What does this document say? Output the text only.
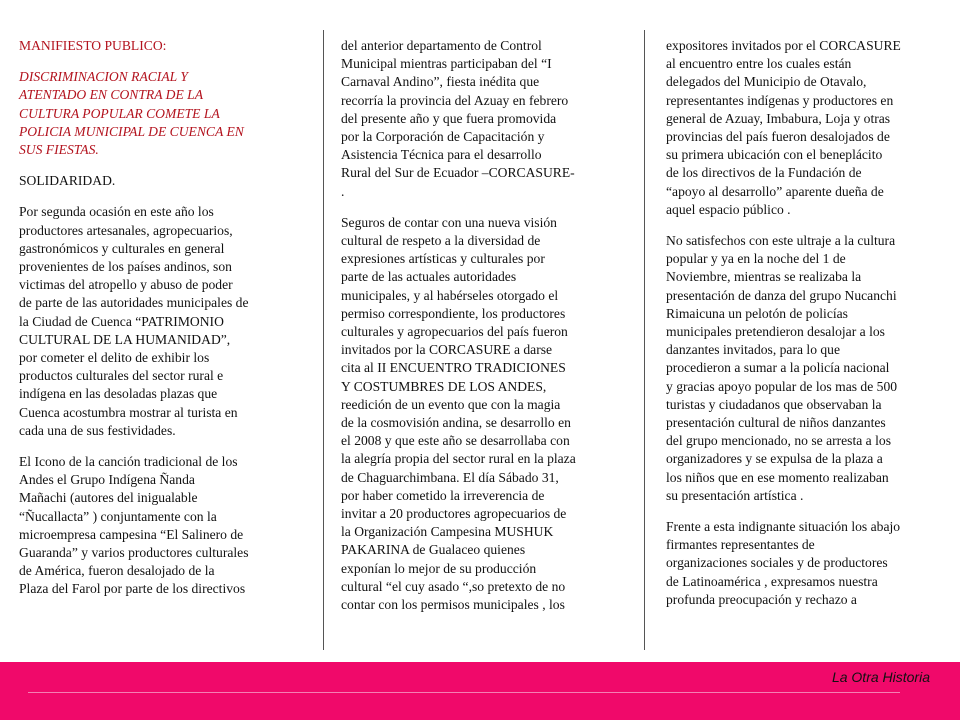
MANIFIESTO PUBLICO:
DISCRIMINACION RACIAL Y
ATENTADO EN CONTRA DE LA
CULTURA POPULAR COMETE LA
POLICIA MUNICIPAL DE CUENCA EN
SUS FIESTAS.
SOLIDARIDAD.
Por segunda ocasión en este año los
productores artesanales, agropecuarios,
gastronómicos y culturales en general
provenientes de los países andinos, son
victimas del atropello y abuso de poder
de parte de las autoridades municipales de
la Ciudad de Cuenca “PATRIMONIO
CULTURAL DE LA HUMANIDAD”,
por cometer el delito de exhibir los
productos culturales del sector rural e
indígena en las desoladas plazas que
Cuenca acostumbra mostrar al turista en
cada una de sus festividades.
El Icono de la canción tradicional de los
Andes el Grupo Indígena Ñanda
Mañachi (autores del inigualable
“Ñucallacta” ) conjuntamente con la
microempresa campesina “El Salinero de
Guaranda” y varios productores culturales
de América, fueron desalojado de la
Plaza del Farol por parte de los directivos
del anterior departamento de Control
Municipal mientras participaban del “I
Carnaval Andino”, fiesta inédita que
recorría la provincia del Azuay en febrero
del presente año y que fuera promovida
por la Corporación de Capacitación y
Asistencia Técnica para el desarrollo
Rural del Sur de Ecuador –CORCASURE-
.
Seguros de contar con una nueva visión
cultural de respeto a la diversidad de
expresiones artísticas y culturales por
parte de las actuales autoridades
municipales, y al habérseles otorgado el
permiso correspondiente, los productores
culturales y agropecuarios del país fueron
invitados por la CORCASURE a darse
cita al II ENCUENTRO TRADICIONES
Y COSTUMBRES DE LOS ANDES,
reedición de un evento que con la magia
de la cosmovisión andina, se desarrollo en
el 2008 y que este año se desarrollaba con
la alegría propia del sector rural en la plaza
de Chaguarchimbana. El día Sábado 31,
por haber cometido la irreverencia de
invitar a 20 productores agropecuarios de
la Organización Campesina MUSHUK
PAKARINA de Gualaceo quienes
exponían lo mejor de su producción
cultural “el cuy asado “,so pretexto de no
contar con los permisos municipales , los
expositores invitados por el CORCASURE
al encuentro entre los cuales están
delegados del Municipio de Otavalo,
representantes indígenas y productores en
general de Azuay, Imbabura, Loja y otras
provincias del país fueron desalojados de
su primera ubicación con el beneplácito
de los directivos de la Fundación de
“apoyo al desarrollo” aparente dueña de
aquel espacio público .
No satisfechos con este ultraje a la cultura
popular y ya en la noche del 1 de
Noviembre, mientras se realizaba la
presentación de danza del grupo Nucanchi
Rimaicuna un pelotón de policías
municipales pretendieron desalojar a los
danzantes invitados, para lo que
procedieron a sumar a la policía nacional
y gracias apoyo popular de los mas de 500
turistas y ciudadanos que observaban la
presentación cultural de niños danzantes
del grupo mencionado, no se arresta a los
organizadores y se expulsa de la plaza a
los niños que en ese momento realizaban
su presentación artística .
Frente a esta indignante situación los abajo
firmantes representantes de
organizaciones sociales y de productores
de Latinoamérica , expresamos nuestra
profunda preocupación y rechazo a
La Otra Historia
